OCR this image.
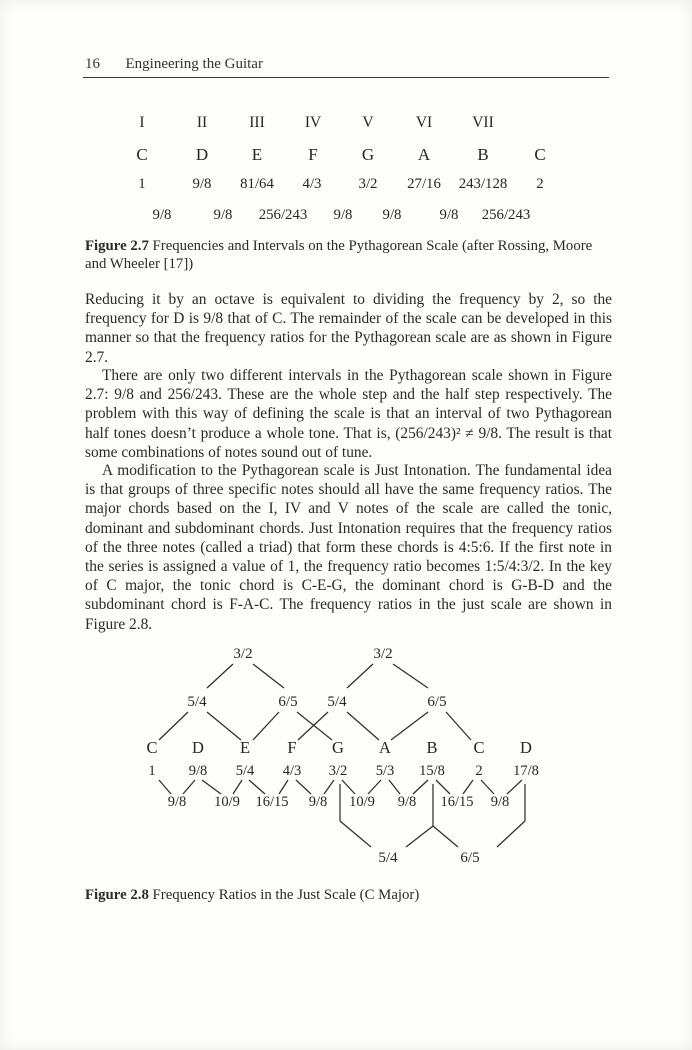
16 Engineering the Guitar
I	II	III	IV	V	VI	VII
C	D	E	F	G	A	B	C
1	9/8 81/64 4/3	3/2 27/16 243/128 2
9/8	9/8 256/243 9/8 9/8	9/8 256/243
Figure 2.7 Frequencies and Intervals on the Pythagorean Scale (after Rossing, Moore and Wheeler [17])
Reducing it by an octave is equivalent to dividing the frequency by 2, so the frequency for D is 9/8 that of C. The remainder of the scale can be developed in this manner so that the frequency ratios for the Pythagorean scale are as shown in Figure 2.7.
There are only two different intervals in the Pythagorean scale shown in Figure 2.7: 9/8 and 256/243. These are the whole step and the half step respectively. The problem with this way of defining the scale is that an interval of two Pythagorean half tones doesn’t produce a whole tone. That is, (256/243)² ≠ 9/8. The result is that some combinations of notes sound out of tune.
A modification to the Pythagorean scale is Just Intonation. The fundamental idea is that groups of three specific notes should all have the same frequency ratios. The major chords based on the I, IV and V notes of the scale are called the tonic, dominant and subdominant chords. Just Intonation requires that the frequency ratios of the three notes (called a triad) that form these chords is 4:5:6. If the first note in the series is assigned a value of 1, the frequency ratio becomes 1:5/4:3/2. In the key of C major, the tonic chord is C-E-G, the dominant chord is G-B-D and the subdominant chord is F-A-C. The frequency ratios in the just scale are shown in Figure 2.8.
3/2	3/2
5/4	6/5 5/4	6/5
C D E F G A B C D
1 9/8 5/4 4/3 3/2 5/3 15/8 2 17/8
9/8 10/9 16/15 9/8 10/9 9/8 16/15 9/8
5/4	6/5
Figure 2.8 Frequency Ratios in the Just Scale (C Major)
